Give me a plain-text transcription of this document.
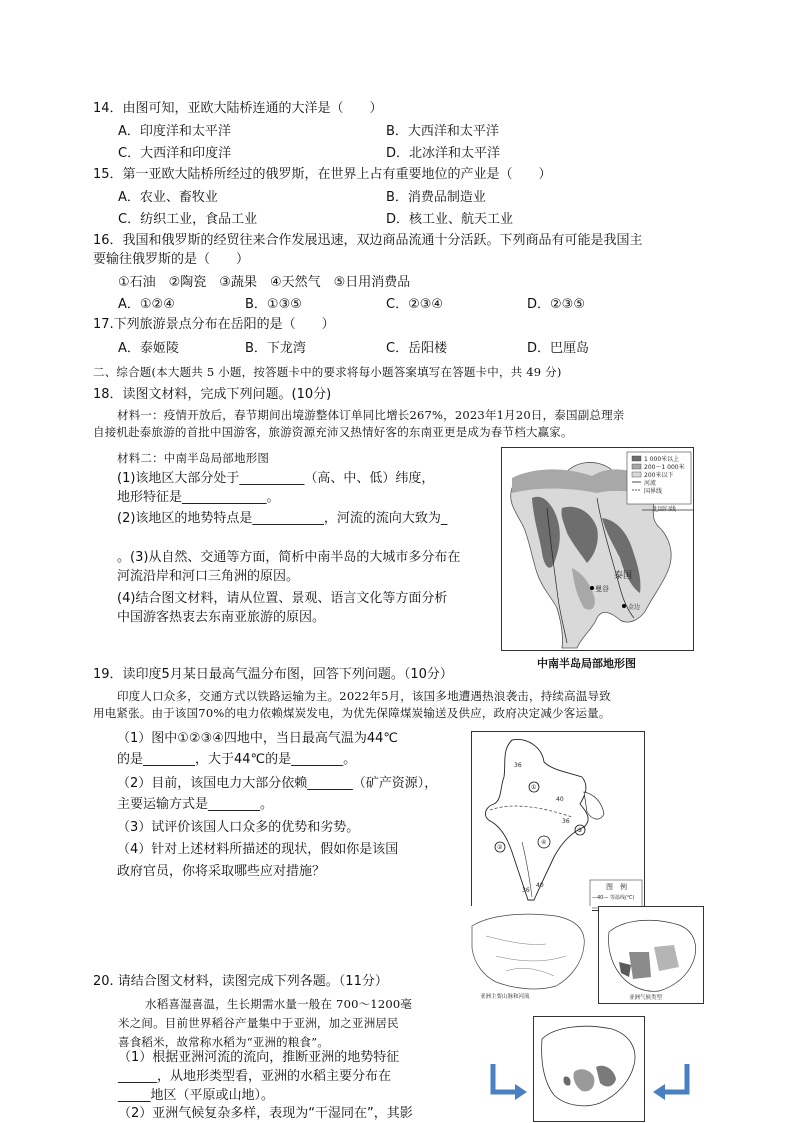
14．由图可知，亚欧大陆桥连通的大洋是（　　）
A．印度洋和太平洋	B．大西洋和太平洋
C．大西洋和印度洋	D．北冰洋和太平洋
15．第一亚欧大陆桥所经过的俄罗斯，在世界上占有重要地位的产业是（　　）
A．农业、畜牧业	B．消费品制造业
C．纺织工业，食品工业	D．核工业、航天工业
16．我国和俄罗斯的经贸往来合作发展迅速，双边商品流通十分活跃。下列商品有可能是我国主
要输往俄罗斯的是（　　）
①石油　②陶瓷　③蔬果　④天然气　⑤日用消费品
A．①②④	B．①③⑤	C．②③④	D．②③⑤
17.下列旅游景点分布在岳阳的是（　　）
A．泰姬陵	B．下龙湾	C．岳阳楼	D．巴厘岛
二、综合题(本大题共 5 小题，按答题卡中的要求将每小题答案填写在答题卡中，共 49 分)
18．读图文材料，完成下列问题。(10分)
材料一：疫情开放后，春节期间出境游整体订单同比增长267%，2023年1月20日，泰国副总理亲
自接机赴泰旅游的首批中国游客，旅游资源充沛又热情好客的东南亚更是成为春节档大赢家。
材料二：中南半岛局部地形图
(1)该地区大部分处于__________（高、中、低）纬度，
地形特征是_____________。
(2)该地区的地势特点是___________，河流的流向大致为_
。(3)从自然、交通等方面，简析中南半岛的大城市多分布在
河流沿岸和河口三角洲的原因。
(4)结合图文材料，请从位置、景观、语言文化等方面分析
中国游客热衷去东南亚旅游的原因。
1 000米以上
200～1 000米
200米以下
河流
国界线
北回归线
泰国
曼谷
金边
中南半岛局部地形图
19．读印度5月某日最高气温分布图，回答下列问题。（10分）
印度人口众多，交通方式以铁路运输为主。2022年5月，该国多地遭遇热浪袭击，持续高温导致
用电紧张。由于该国70%的电力依赖煤炭发电，为优先保障煤炭输送及供应，政府决定减少客运量。
（1）图中①②③④四地中，当日最高气温为44℃
的是________，大于44℃的是________。
（2）目前，该国电力大部分依赖_______（矿产资源），
主要运输方式是________。
（3）试评价该国人口众多的优势和劣势。
（4）针对上述材料所描述的现状，假如你是该国
政府官员，你将采取哪些应对措施？
①
③
②
④
36
40
36
40
36	图　例
—40— 等温线(℃)
亚洲主要山脉和河流	亚洲气候类型
20. 请结合图文材料，读图完成下列各题。（11分）
水稻喜湿喜温，生长期需水量一般在 700～1200毫
米之间。目前世界稻谷产量集中于亚洲，加之亚洲居民
喜食稻米，故常称水稻为“亚洲的粮食”。
（1）根据亚洲河流的流向，推断亚洲的地势特征
______，从地形类型看，亚洲的水稻主要分布在
_____地区（平原或山地）。
（2）亚洲气候复杂多样，表现为“干湿同在”，其影
